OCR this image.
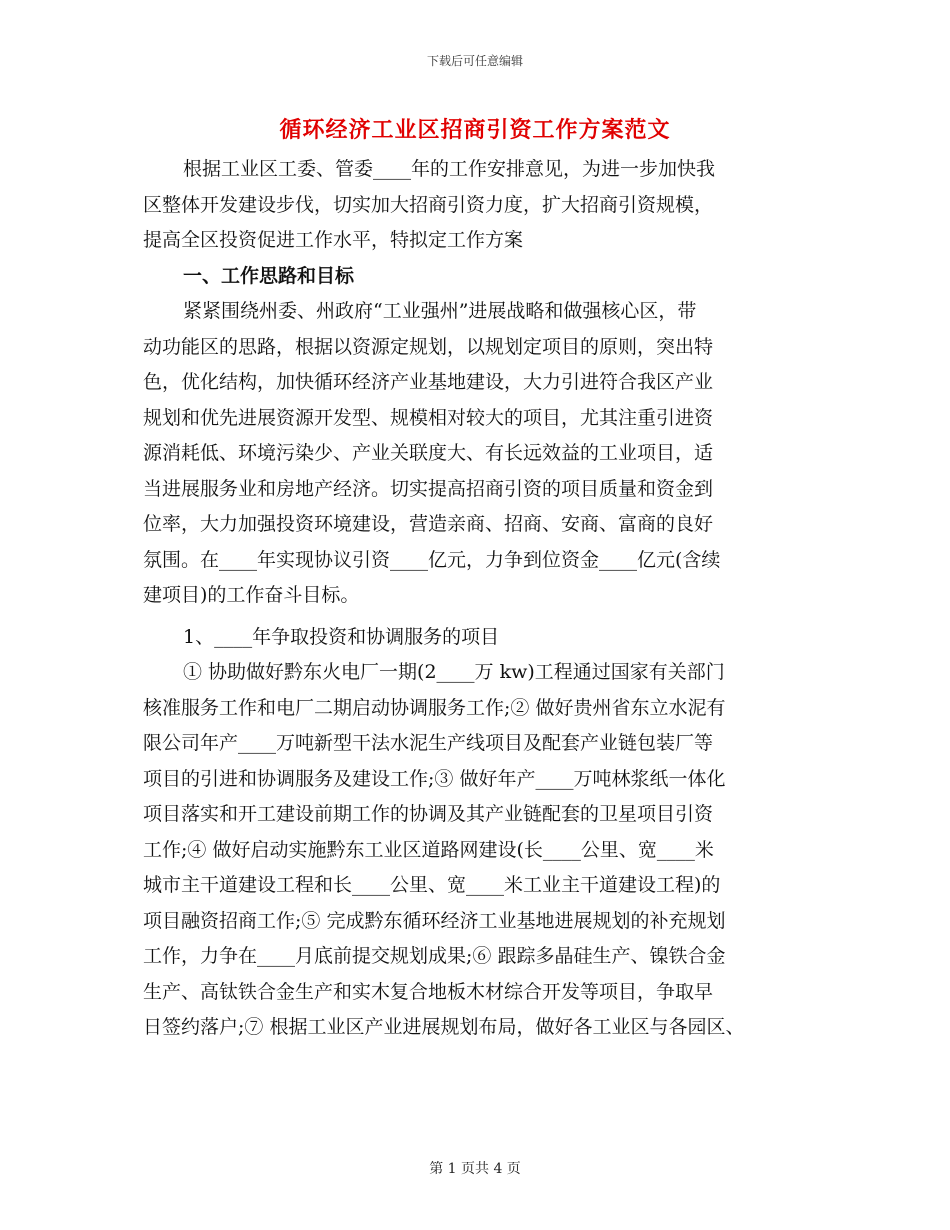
下载后可任意编辑
循环经济工业区招商引资工作方案范文
根据工业区工委、管委____年的工作安排意见，为进一步加快我
区整体开发建设步伐，切实加大招商引资力度，扩大招商引资规模，
提高全区投资促进工作水平，特拟定工作方案
一、工作思路和目标
紧紧围绕州委、州政府“工业强州”进展战略和做强核心区，带
动功能区的思路，根据以资源定规划，以规划定项目的原则，突出特
色，优化结构，加快循环经济产业基地建设，大力引进符合我区产业
规划和优先进展资源开发型、规模相对较大的项目，尤其注重引进资
源消耗低、环境污染少、产业关联度大、有长远效益的工业项目，适
当进展服务业和房地产经济。切实提高招商引资的项目质量和资金到
位率，大力加强投资环境建设，营造亲商、招商、安商、富商的良好
氛围。在____年实现协议引资____亿元，力争到位资金____亿元(含续
建项目)的工作奋斗目标。
1、____年争取投资和协调服务的项目
① 协助做好黔东火电厂一期(2____万 kw)工程通过国家有关部门
核准服务工作和电厂二期启动协调服务工作;② 做好贵州省东立水泥有
限公司年产____万吨新型干法水泥生产线项目及配套产业链包装厂等
项目的引进和协调服务及建设工作;③ 做好年产____万吨林浆纸一体化
项目落实和开工建设前期工作的协调及其产业链配套的卫星项目引资
工作;④ 做好启动实施黔东工业区道路网建设(长____公里、宽____米
城市主干道建设工程和长____公里、宽____米工业主干道建设工程)的
项目融资招商工作;⑤ 完成黔东循环经济工业基地进展规划的补充规划
工作，力争在____月底前提交规划成果;⑥ 跟踪多晶硅生产、镍铁合金
生产、高钛铁合金生产和实木复合地板木材综合开发等项目，争取早
日签约落户;⑦ 根据工业区产业进展规划布局，做好各工业区与各园区、
第 1 页共 4 页
